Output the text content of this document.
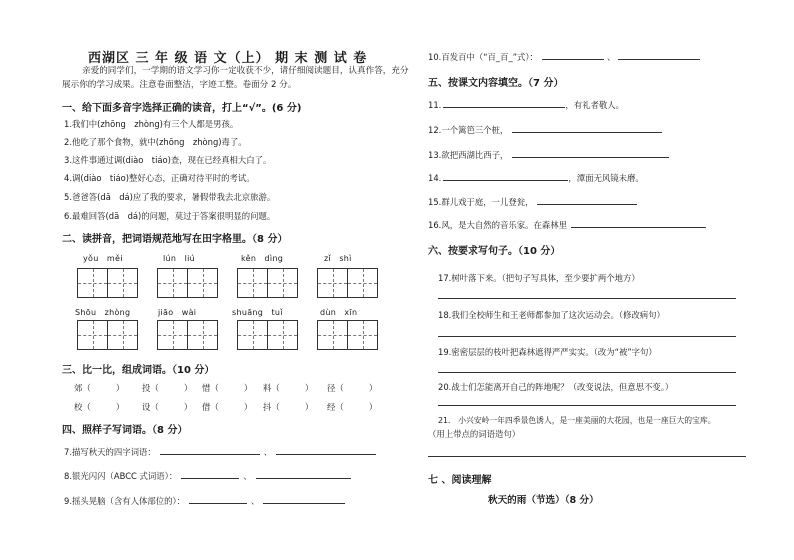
西湖区 三 年 级 语 文（上） 期 末 测 试 卷
亲爱的同学们，一学期的语文学习你一定收获不少，请仔细阅读题目，认真作答，充分展示你的学习成果。注意卷面整洁，字迹工整。卷面分 2 分。
一、给下面多音字选择正确的读音，打上“√”。(6 分)
1.我们中(zhōng　zhòng)有三个人都是男孩。
2.他吃了那个食物，就中(zhōng　zhòng)毒了。
3.这件事通过调(diào　tiáo)查，现在已经真相大白了。
4.调(diào　tiáo)整好心态，正确对待平时的考试。
5.爸爸答(dā　dá)应了我的要求，暑假带我去北京旅游。
6.最难回答(dā　dá)的问题，莫过于答案很明显的问题。
二、读拼音，把词语规范地写在田字格里。（8 分）
yǒu　měi	lún　liú	kěn　dìng	zǐ　shì
Shōu　zhòng	jiāo　wài	shuāng　tuǐ	dùn　xīn
三、比一比，组成词语。（10 分）
郊（　　　） 投（　　　） 惜（　　　） 料（　　　） 径（　　　）
校（　　　） 设（　　　） 借（　　　） 抖（　　　） 经（　　　）
四、照样子写词语。（8 分）
7.描写秋天的四字词语：	、
8.银光闪闪（ABCC 式词语）：	、
9.摇头晃脑（含有人体部位的）：	、
10.百发百中（“百_百_”式）：	、
五、按课文内容填空。（7 分）
11.	，有礼者敬人。
12.一个篱笆三个桩，
13.欲把西湖比西子，
14.	，潭面无风镜未磨。
15.群儿戏于庭，一儿登瓮，
16.风，是大自然的音乐家。在森林里
六、按要求写句子。（10 分）
17.树叶落下来。（把句子写具体，至少要扩两个地方）
18.我们全校师生和王老师都参加了这次运动会。（修改病句）
19.密密层层的枝叶把森林遮得严严实实。（改为“被”字句）
20.战士们怎能离开自己的阵地呢？（改变说法，但意思不变。）
21.　小兴安岭一年四季景色诱人，是一座美丽的大花园，也是一座巨大的宝库。
（用上带点的词语造句）
七 、阅读理解
秋天的雨（节选）（8 分）
